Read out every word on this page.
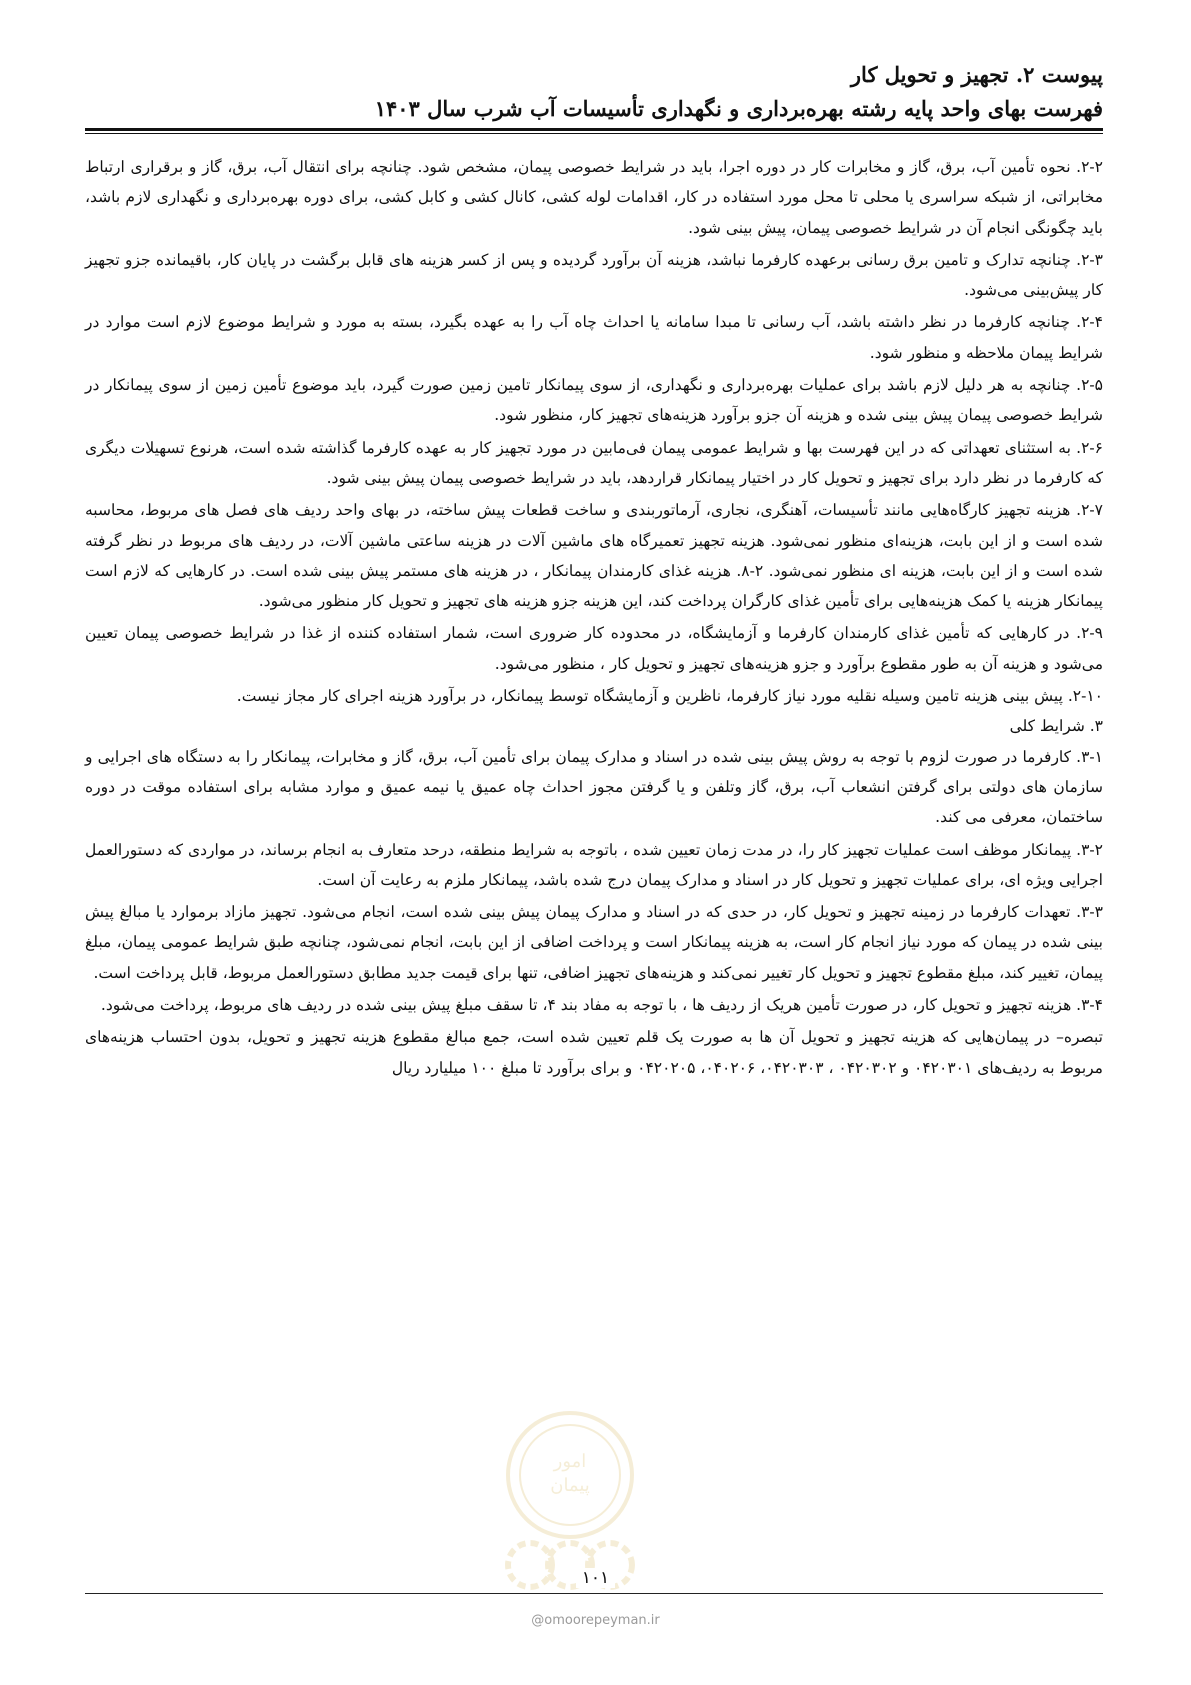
پیوست ۲. تجهیز و تحویل کار
فهرست بهای واحد پایه رشته بهره‌برداری و نگهداری تأسیسات آب شرب سال ۱۴۰۳

۲-۲. نحوه تأمین آب، برق، گاز و مخابرات کار در دوره اجرا، باید در شرایط خصوصی پیمان، مشخص شود. چنانچه برای انتقال آب، برق، گاز و برقراری ارتباط مخابراتی، از شبکه سراسری یا محلی تا محل مورد استفاده در کار، اقدامات لوله کشی، کانال کشی و کابل کشی، برای دوره بهره‌برداری و نگهداری لازم باشد، باید چگونگی انجام آن در شرایط خصوصی پیمان، پیش بینی شود.

۲-۳. چنانچه تدارک و تامین برق رسانی برعهده کارفرما نباشد، هزینه آن برآورد گردیده و پس از کسر هزینه های قابل برگشت در پایان کار، باقیمانده جزو تجهیز کار پیش‌بینی می‌شود.

۲-۴. چنانچه کارفرما در نظر داشته باشد، آب رسانی تا مبدا سامانه یا احداث چاه آب را به عهده بگیرد، بسته به مورد و شرایط موضوع لازم است موارد در شرایط پیمان ملاحظه و منظور شود.

۲-۵. چنانچه به هر دلیل لازم باشد برای عملیات بهره‌برداری و نگهداری، از سوی پیمانکار تامین زمین صورت گیرد، باید موضوع تأمین زمین از سوی پیمانکار در شرایط خصوصی پیمان پیش بینی شده و هزینه آن جزو برآورد هزینه‌های تجهیز کار، منظور شود.

۲-۶. به استثنای تعهداتی که در این فهرست بها و شرایط عمومی پیمان فی‌مابین در مورد تجهیز کار به عهده کارفرما گذاشته شده است، هرنوع تسهیلات دیگری که کارفرما در نظر دارد برای تجهیز و تحویل کار در اختیار پیمانکار قراردهد، باید در شرایط خصوصی پیمان پیش بینی شود.

۲-۷. هزینه تجهیز کارگاه‌هایی مانند تأسیسات، آهنگری، نجاری، آرماتوربندی و ساخت قطعات پیش ساخته، در بهای واحد ردیف های فصل های مربوط، محاسبه شده است و از این بابت، هزینه‌ای منظور نمی‌شود. هزینه تجهیز تعمیرگاه های ماشین آلات در هزینه ساعتی ماشین آلات، در ردیف های مربوط در نظر گرفته شده است و از این بابت، هزینه ای منظور نمی‌شود. ۲-۸. هزینه غذای کارمندان پیمانکار ، در هزینه های مستمر پیش بینی شده است. در کارهایی که لازم است پیمانکار هزینه یا کمک هزینه‌هایی برای تأمین غذای کارگران پرداخت کند، این هزینه جزو هزینه های تجهیز و تحویل کار منظور می‌شود.

۲-۹. در کارهایی که تأمین غذای کارمندان کارفرما و آزمایشگاه، در محدوده کار ضروری است، شمار استفاده کننده از غذا در شرایط خصوصی پیمان تعیین می‌شود و هزینه آن به طور مقطوع برآورد و جزو هزینه‌های تجهیز و تحویل کار ، منظور می‌شود.

۲-۱۰. پیش بینی هزینه تامین وسیله نقلیه مورد نیاز کارفرما، ناظرین و آزمایشگاه توسط پیمانکار، در برآورد هزینه اجرای کار مجاز نیست.

۳. شرایط کلی

۳-۱. کارفرما در صورت لزوم با توجه به روش پیش بینی شده در اسناد و مدارک پیمان برای تأمین آب، برق، گاز و مخابرات، پیمانکار را به دستگاه های اجرایی و سازمان های دولتی برای گرفتن انشعاب آب، برق، گاز وتلفن و یا گرفتن مجوز احداث چاه عمیق یا نیمه عمیق و موارد مشابه برای استفاده موقت در دوره ساختمان، معرفی می کند.

۳-۲. پیمانکار موظف است عملیات تجهیز کار را، در مدت زمان تعیین شده ، باتوجه به شرایط منطقه، درحد متعارف به انجام برساند، در مواردی که دستورالعمل اجرایی ویژه ای، برای عملیات تجهیز و تحویل کار در اسناد و مدارک پیمان درج شده باشد، پیمانکار ملزم به رعایت آن است.

۳-۳. تعهدات کارفرما در زمینه تجهیز و تحویل کار، در حدی که در اسناد و مدارک پیمان پیش بینی شده است، انجام می‌شود. تجهیز مازاد برموارد یا مبالغ پیش بینی شده در پیمان که مورد نیاز انجام کار است، به هزینه پیمانکار است و پرداخت اضافی از این بابت، انجام نمی‌شود، چنانچه طبق شرایط عمومی پیمان، مبلغ پیمان، تغییر کند، مبلغ مقطوع تجهیز و تحویل کار تغییر نمی‌کند و هزینه‌های تجهیز اضافی، تنها برای قیمت جدید مطابق دستورالعمل مربوط، قابل پرداخت است.

۳-۴. هزینه تجهیز و تحویل کار، در صورت تأمین هریک از ردیف ها ، با توجه به مفاد بند ۴، تا سقف مبلغ پیش بینی شده در ردیف های مربوط، پرداخت می‌شود.

تبصره– در پیمان‌هایی که هزینه تجهیز و تحویل آن ها به صورت یک قلم تعیین شده است، جمع مبالغ مقطوع هزینه تجهیز و تحویل، بدون احتساب هزینه‌های مربوط به ردیف‌های ۰۴۲۰۳۰۱ و ۰۴۲۰۳۰۲ ، ۰۴۲۰۳۰۳، ۰۴۰۲۰۶، ۰۴۲۰۲۰۵ و برای برآورد تا مبلغ ۱۰۰ میلیارد ریال

امور
پیمان
۱۰۱
@omoorepeyman.ir
